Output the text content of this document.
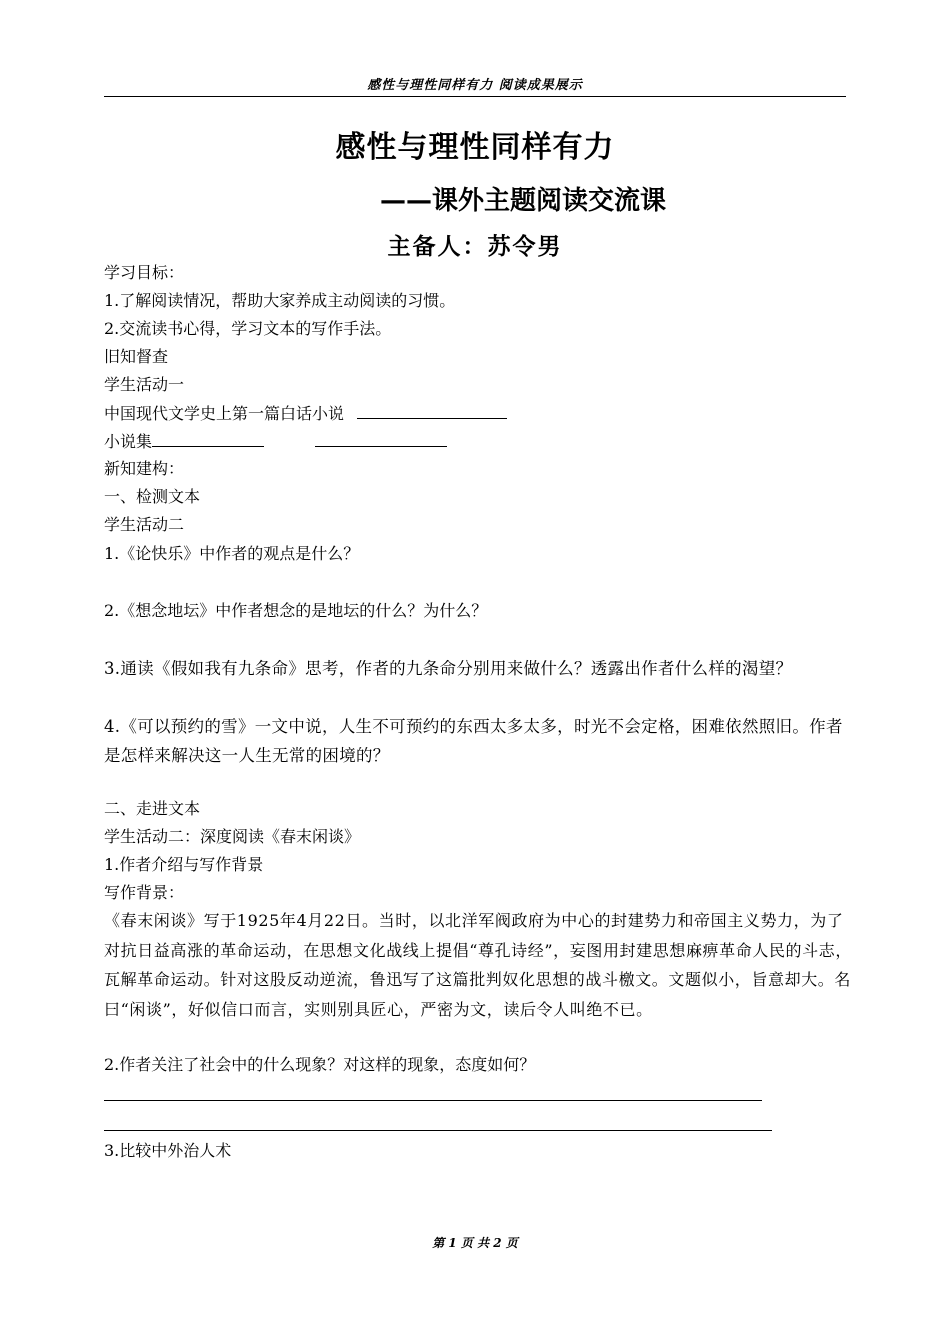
感性与理性同样有力 阅读成果展示
感性与理性同样有力
——课外主题阅读交流课
主备人：苏令男
学习目标：
1.了解阅读情况，帮助大家养成主动阅读的习惯。
2.交流读书心得，学习文本的写作手法。
旧知督查
学生活动一
中国现代文学史上第一篇白话小说
小说集
新知建构：
一、检测文本
学生活动二
1.《论快乐》中作者的观点是什么？
2.《想念地坛》中作者想念的是地坛的什么？为什么？
3.通读《假如我有九条命》思考，作者的九条命分别用来做什么？透露出作者什么样的渴望？
4.《可以预约的雪》一文中说，人生不可预约的东西太多太多，时光不会定格，困难依然照旧。作者是怎样来解决这一人生无常的困境的？
二、走进文本
学生活动二：深度阅读《春末闲谈》
1.作者介绍与写作背景
写作背景：
《春末闲谈》写于1925年4月22日。当时，以北洋军阀政府为中心的封建势力和帝国主义势力，为了对抗日益高涨的革命运动，在思想文化战线上提倡“尊孔诗经”，妄图用封建思想麻痹革命人民的斗志，瓦解革命运动。针对这股反动逆流，鲁迅写了这篇批判奴化思想的战斗檄文。文题似小，旨意却大。名曰“闲谈”，好似信口而言，实则别具匠心，严密为文，读后令人叫绝不已。
2.作者关注了社会中的什么现象？对这样的现象，态度如何？
3.比较中外治人术
第 1 页 共 2 页
